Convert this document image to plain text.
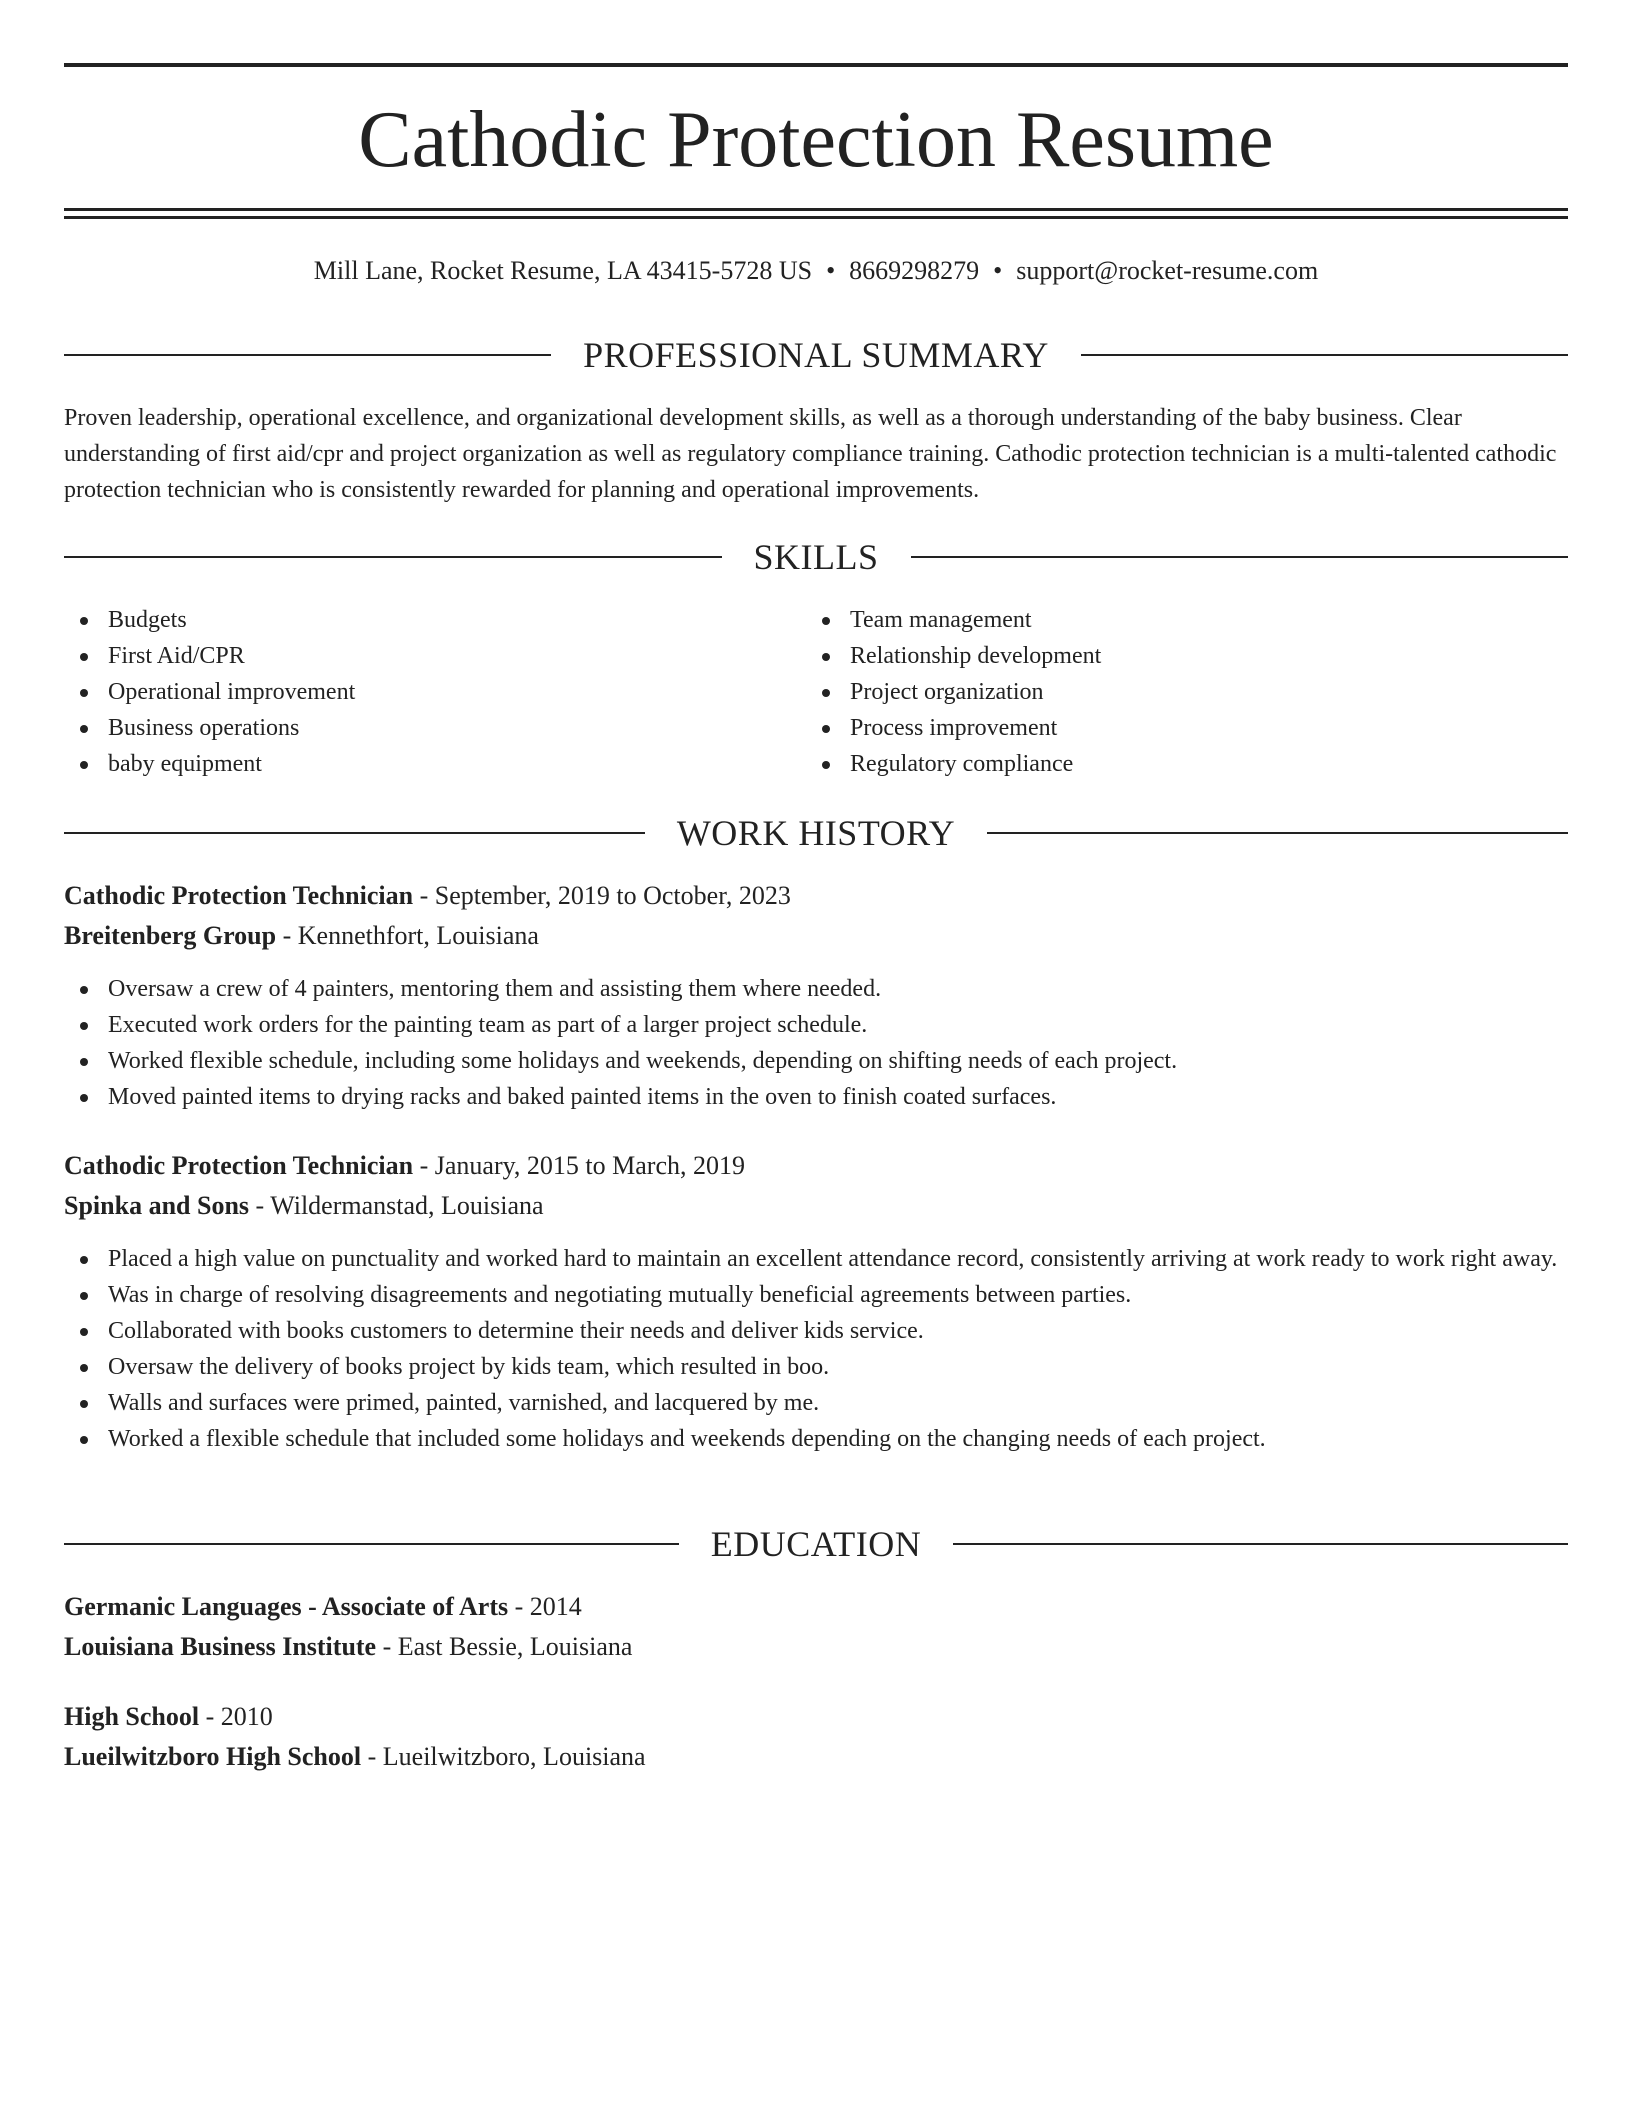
Cathodic Protection Resume
Mill Lane, Rocket Resume, LA 43415-5728 US • 8669298279 • support@rocket-resume.com
PROFESSIONAL SUMMARY

Proven leadership, operational excellence, and organizational development skills, as well as a thorough understanding of the baby business. Clear understanding of first aid/cpr and project organization as well as regulatory compliance training. Cathodic protection technician is a multi-talented cathodic protection technician who is consistently rewarded for planning and operational improvements.

SKILLS
Budgets
First Aid/CPR
Operational improvement
Business operations
baby equipment
Team management
Relationship development
Project organization
Process improvement
Regulatory compliance
WORK HISTORY
Cathodic Protection Technician - September, 2019 to October, 2023
Breitenberg Group - Kennethfort, Louisiana
Oversaw a crew of 4 painters, mentoring them and assisting them where needed.
Executed work orders for the painting team as part of a larger project schedule.
Worked flexible schedule, including some holidays and weekends, depending on shifting needs of each project.
Moved painted items to drying racks and baked painted items in the oven to finish coated surfaces.
Cathodic Protection Technician - January, 2015 to March, 2019
Spinka and Sons - Wildermanstad, Louisiana
Placed a high value on punctuality and worked hard to maintain an excellent attendance record, consistently arriving at work ready to work right away.
Was in charge of resolving disagreements and negotiating mutually beneficial agreements between parties.
Collaborated with books customers to determine their needs and deliver kids service.
Oversaw the delivery of books project by kids team, which resulted in boo.
Walls and surfaces were primed, painted, varnished, and lacquered by me.
Worked a flexible schedule that included some holidays and weekends depending on the changing needs of each project.
EDUCATION
Germanic Languages - Associate of Arts - 2014
Louisiana Business Institute - East Bessie, Louisiana
High School - 2010
Lueilwitzboro High School - Lueilwitzboro, Louisiana
